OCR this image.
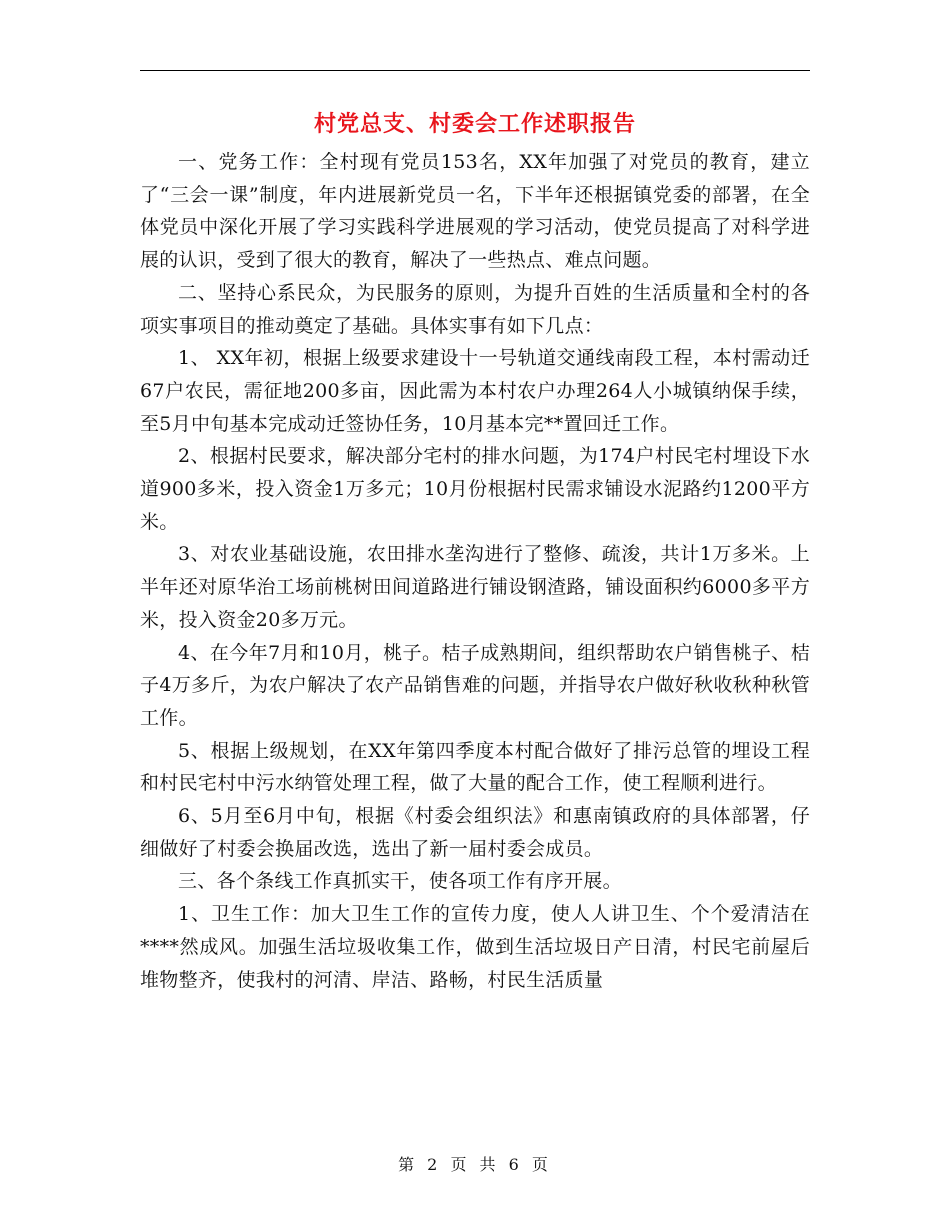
村党总支、村委会工作述职报告

一、党务工作：全村现有党员153名，XX年加强了对党员的教育，建立了“三会一课”制度，年内进展新党员一名，下半年还根据镇党委的部署，在全体党员中深化开展了学习实践科学进展观的学习活动，使党员提高了对科学进展的认识，受到了很大的教育，解决了一些热点、难点问题。

二、坚持心系民众，为民服务的原则，为提升百姓的生活质量和全村的各项实事项目的推动奠定了基础。具体实事有如下几点：

1、 XX年初，根据上级要求建设十一号轨道交通线南段工程，本村需动迁67户农民，需征地200多亩，因此需为本村农户办理264人小城镇纳保手续，至5月中旬基本完成动迁签协任务，10月基本完**置回迁工作。

2、根据村民要求，解决部分宅村的排水问题，为174户村民宅村埋设下水道900多米，投入资金1万多元；10月份根据村民需求铺设水泥路约1200平方米。

3、对农业基础设施，农田排水垄沟进行了整修、疏浚，共计1万多米。上半年还对原华治工场前桃树田间道路进行铺设钢渣路，铺设面积约6000多平方米，投入资金20多万元。

4、在今年7月和10月，桃子。桔子成熟期间，组织帮助农户销售桃子、桔子4万多斤，为农户解决了农产品销售难的问题，并指导农户做好秋收秋种秋管工作。

5、根据上级规划，在XX年第四季度本村配合做好了排污总管的埋设工程和村民宅村中污水纳管处理工程，做了大量的配合工作，使工程顺利进行。

6、5月至6月中旬，根据《村委会组织法》和惠南镇政府的具体部署，仔细做好了村委会换届改选，选出了新一届村委会成员。

三、各个条线工作真抓实干，使各项工作有序开展。

1、卫生工作：加大卫生工作的宣传力度，使人人讲卫生、个个爱清洁在****然成风。加强生活垃圾收集工作，做到生活垃圾日产日清，村民宅前屋后堆物整齐，使我村的河清、岸洁、路畅，村民生活质量

第 2 页 共 6 页
